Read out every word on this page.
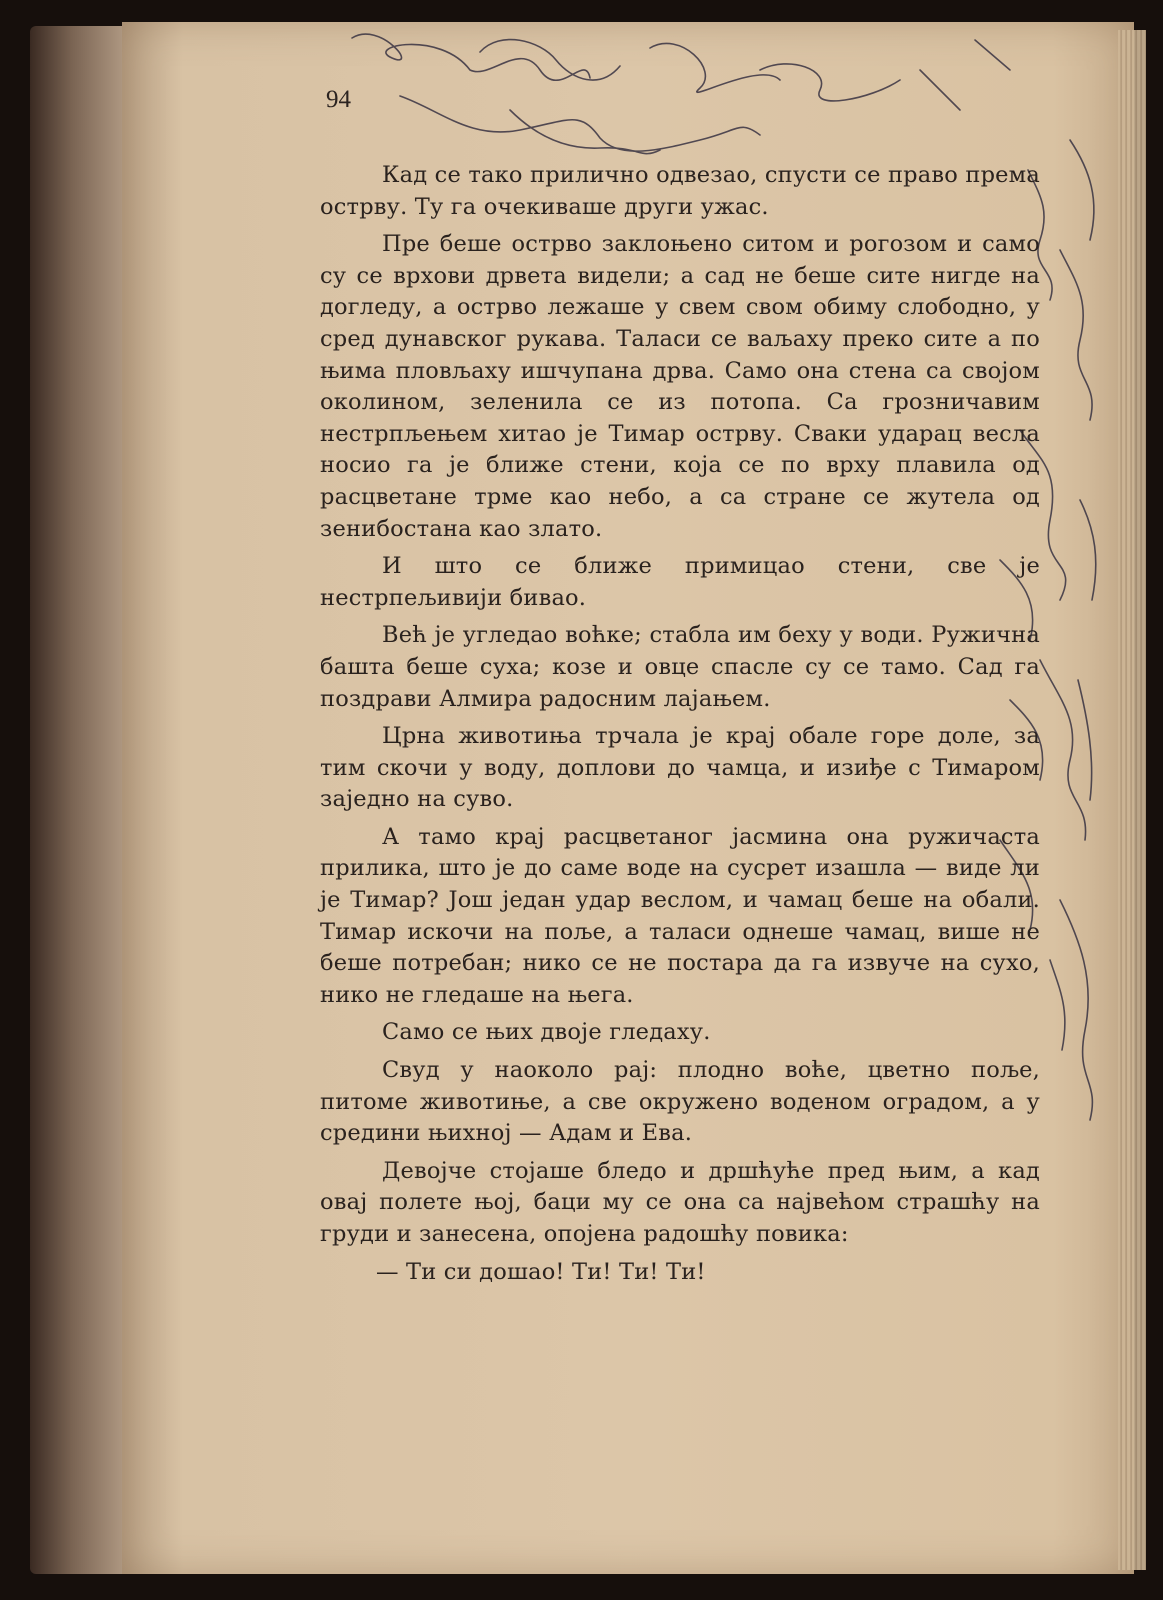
94

Кад се тако прилично одвезао, спусти се право према острву. Ту га очекиваше други ужас.

Пре беше острво заклоњено ситом и рогозом и само су се врхови дрвета видели; а сад не беше сите нигде на догледу, а острво лежаше у свем свом обиму слободно, у сред дунавског рукава. Таласи се ваљаху преко сите а по њима пловљаху ишчупана дрва. Само она стена са својом околином, зеленила се из потопа. Са грозничавим нестрпљењем хитао је Тимар острву. Сваки ударац весла носио га је ближе стени, која се по врху плавила од расцветане трме као небо, а са стране се жутела од зенибостана као злато.

И што се ближе примицао стени, све је нестрпељивији бивао.

Већ је угледао воћке; стабла им беху у води. Ружична башта беше суха; козе и овце спасле су се тамо. Сад га поздрави Алмира радосним лајањем.

Црна животиња трчала је крај обале горе доле, за тим скочи у воду, доплови до чамца, и изиђе с Тимаром заједно на суво.

А тамо крај расцветаног јасмина она ружичаста прилика, што је до саме воде на сусрет изашла — виде ли је Тимар? Још један удар веслом, и чамац беше на обали. Тимар искочи на поље, а таласи однеше чамац, више не беше потребан; нико се не постара да га извуче на сухо, нико не гледаше на њега.

Само се њих двоје гледаху.

Свуд у наоколо рај: плодно воће, цветно поље, питоме животиње, а све окружено воденом оградом, а у средини њихној — Адам и Ева.

Девојче стојаше бледо и дршћуће пред њим, а кад овај полете њој, баци му се она са највећом страшћу на груди и занесена, опојена радошћу повика:

— Ти си дошао! Ти! Ти! Ти!
